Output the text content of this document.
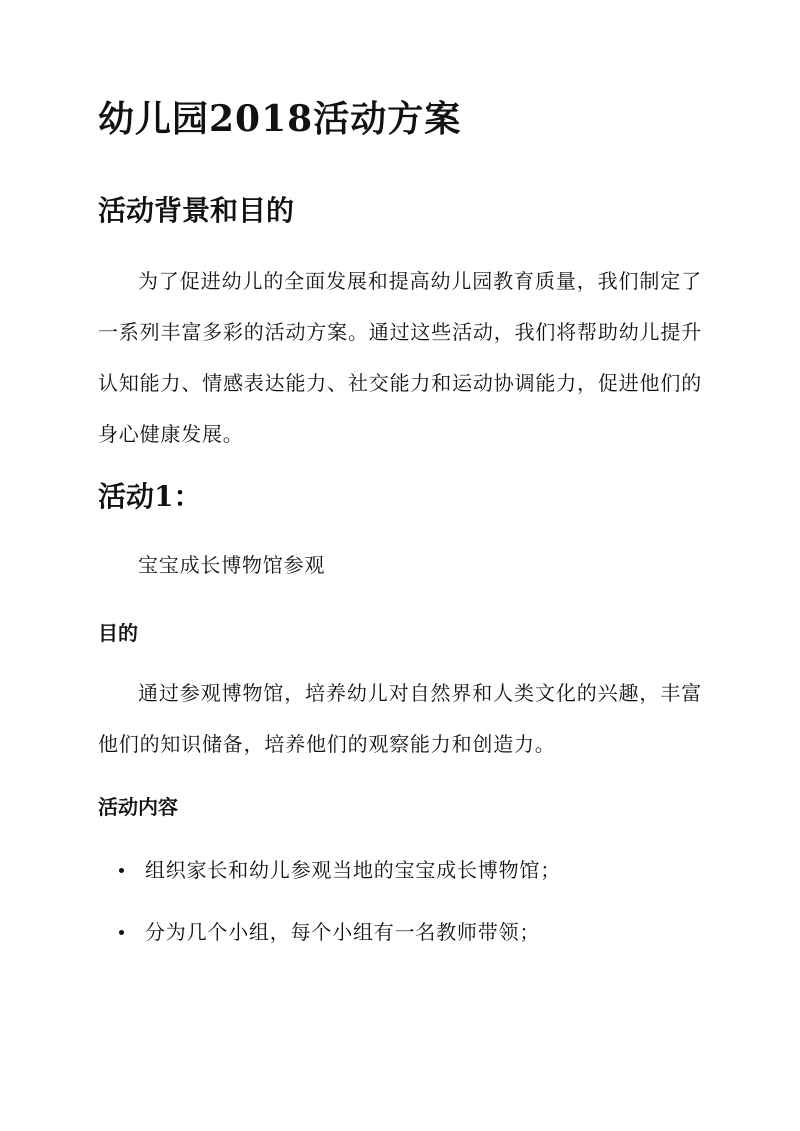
幼儿园2018活动方案
活动背景和目的

为了促进幼儿的全面发展和提高幼儿园教育质量，我们制定了一系列丰富多彩的活动方案。通过这些活动，我们将帮助幼儿提升认知能力、情感表达能力、社交能力和运动协调能力，促进他们的身心健康发展。

活动1：

宝宝成长博物馆参观

目的

通过参观博物馆，培养幼儿对自然界和人类文化的兴趣，丰富他们的知识储备，培养他们的观察能力和创造力。

活动内容
组织家长和幼儿参观当地的宝宝成长博物馆；
分为几个小组，每个小组有一名教师带领；
